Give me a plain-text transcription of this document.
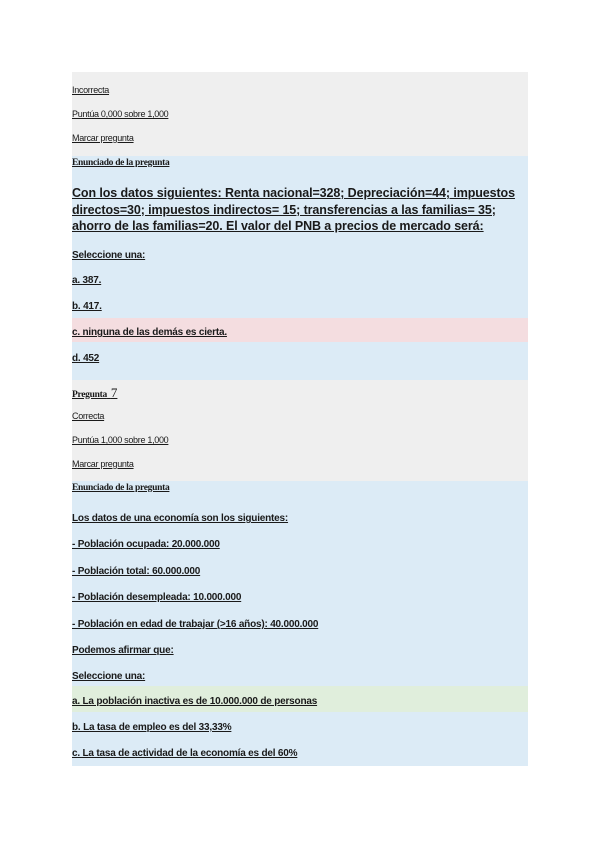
Incorrecta
Puntúa 0,000 sobre 1,000
Marcar pregunta
Enunciado de la pregunta
Con los datos siguientes: Renta nacional=328; Depreciación=44; impuestos directos=30; impuestos indirectos= 15; transferencias a las familias= 35; ahorro de las familias=20. El valor del PNB a precios de mercado será:
Seleccione una:
a. 387.
b. 417.
c. ninguna de las demás es cierta.
d. 452
Pregunta 7
Correcta
Puntúa 1,000 sobre 1,000
Marcar pregunta
Enunciado de la pregunta
Los datos de una economía son los siguientes:
- Población ocupada: 20.000.000
- Población total: 60.000.000
- Población desempleada: 10.000.000
- Población en edad de trabajar (>16 años): 40.000.000
Podemos afirmar que:
Seleccione una:
a. La población inactiva es de 10.000.000 de personas
b. La tasa de empleo es del 33,33%
c. La tasa de actividad de la economía es del 60%
